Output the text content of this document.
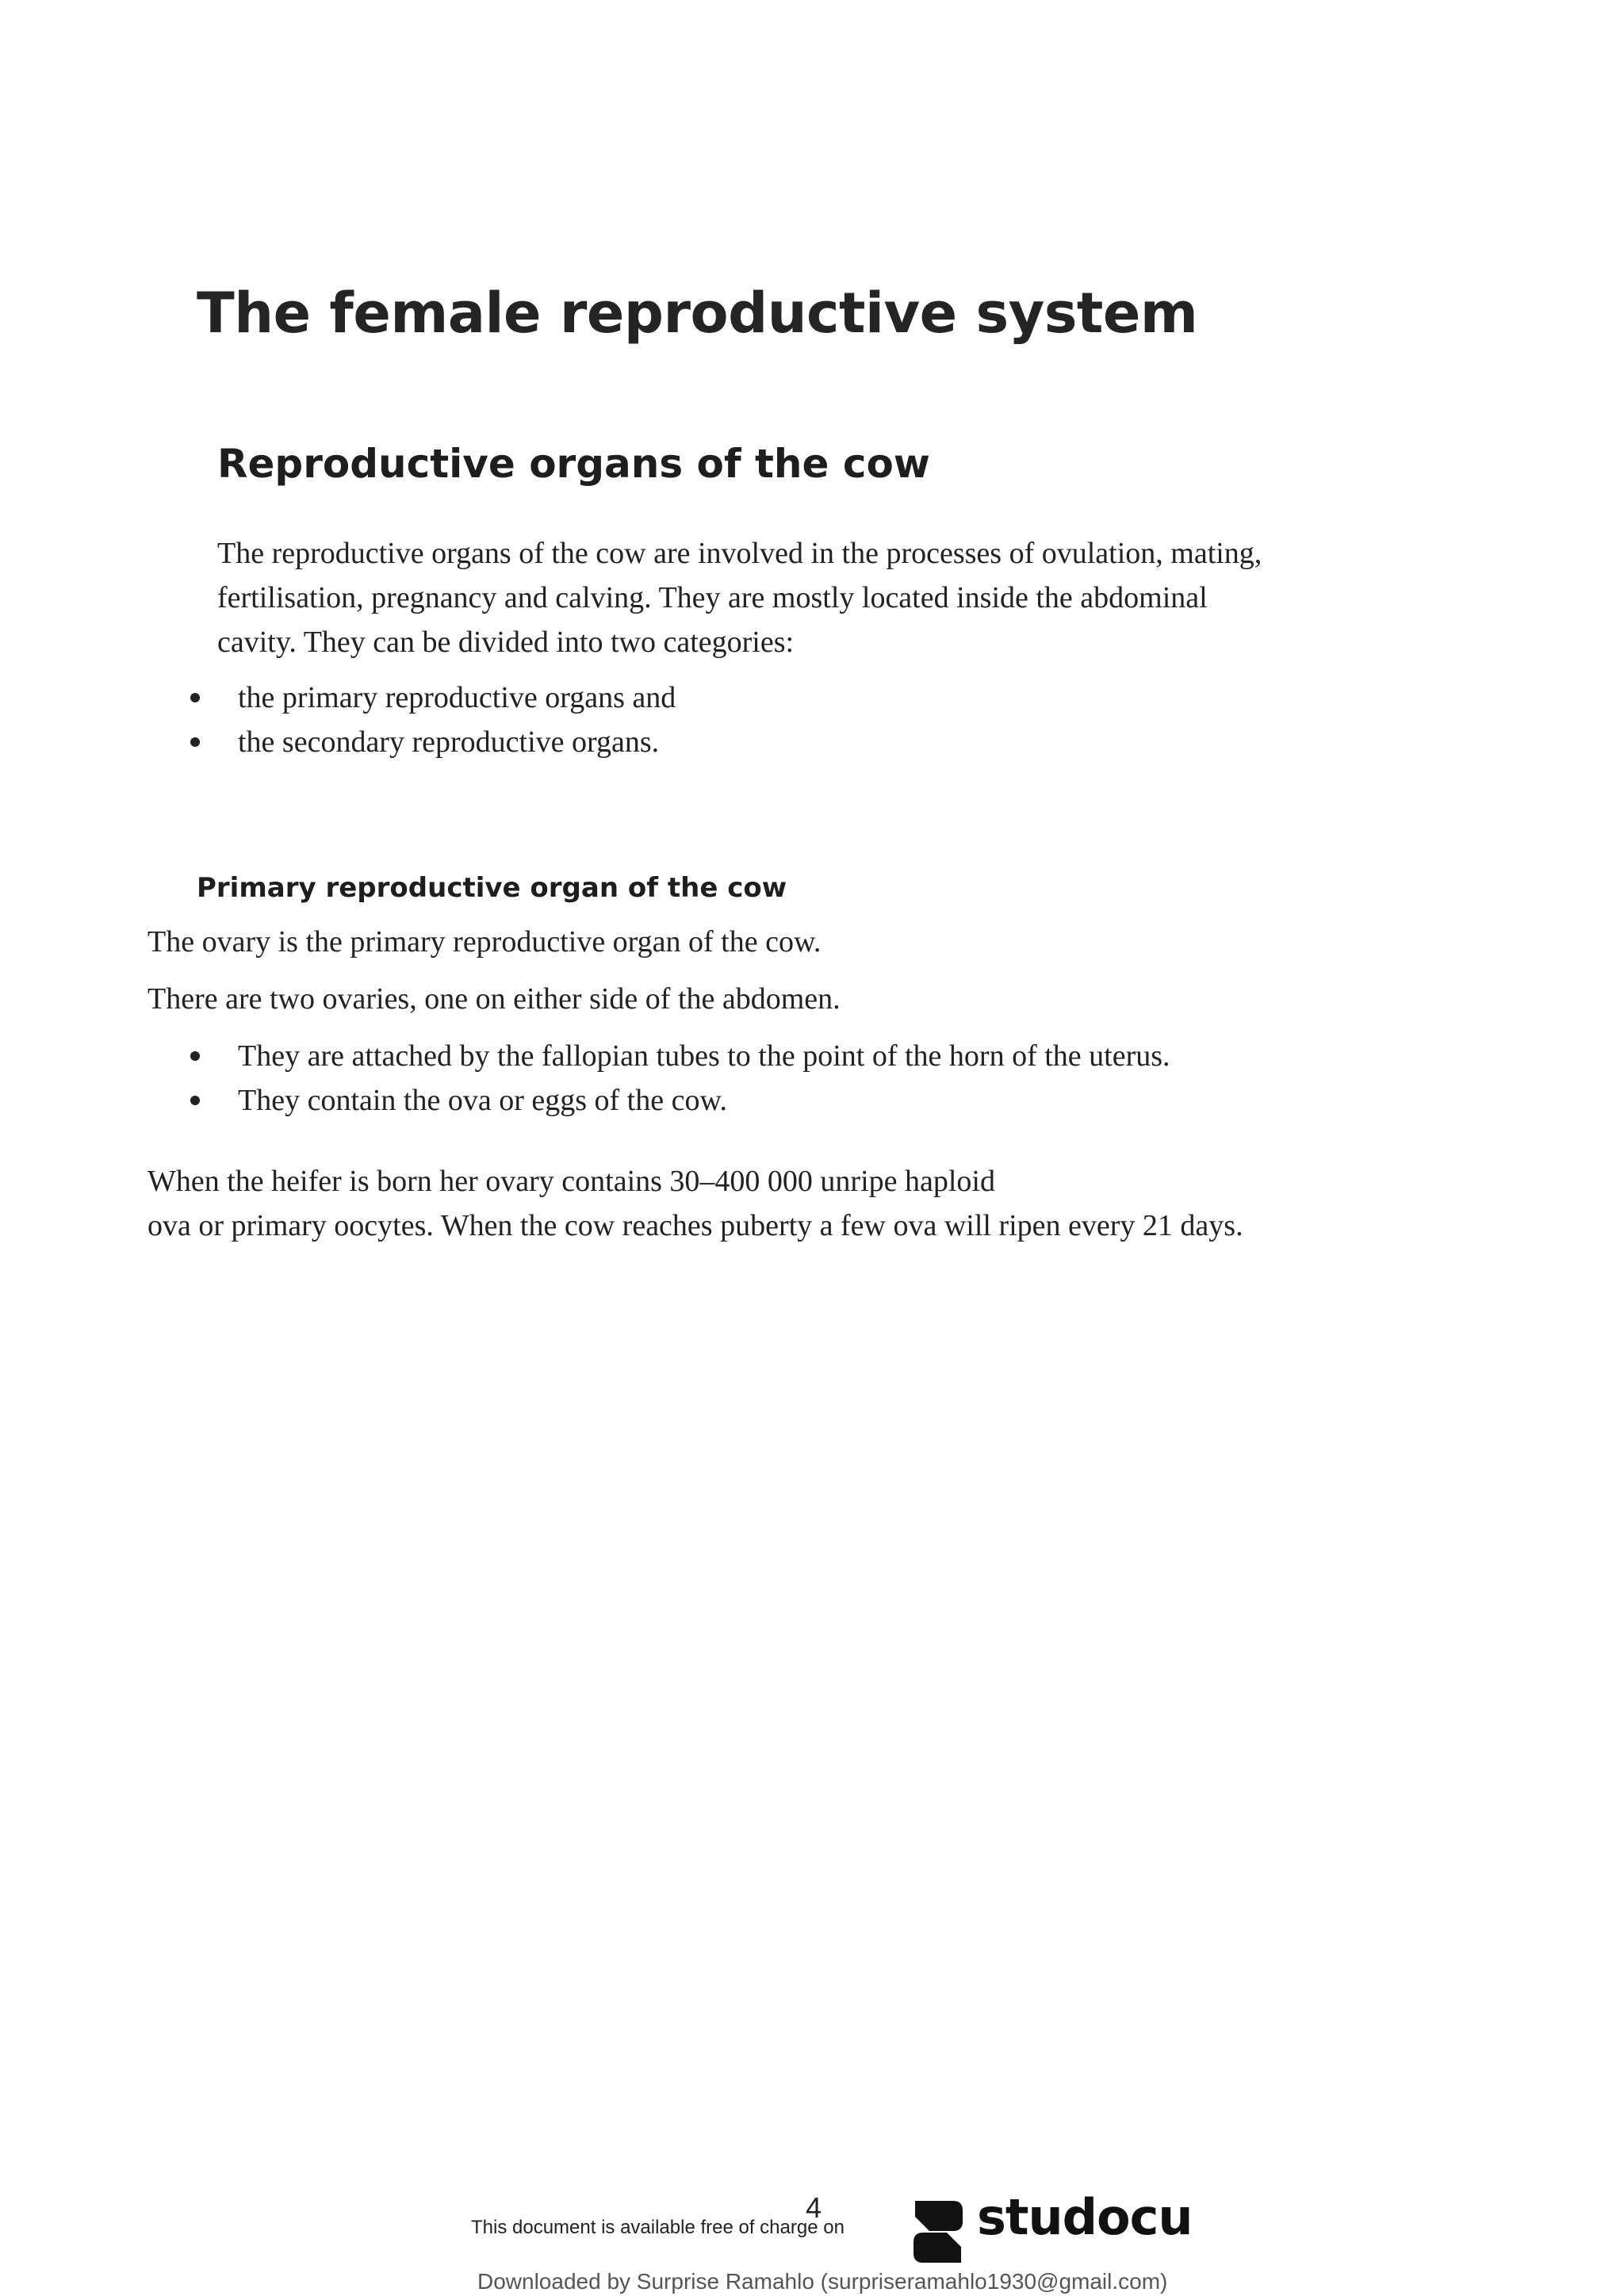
The female reproductive system
Reproductive organs of the cow

The reproductive organs of the cow are involved in the processes of ovulation, mating,

fertilisation, pregnancy and calving. They are mostly located inside the abdominal

cavity. They can be divided into two categories:

the primary reproductive organs and

the secondary reproductive organs.

Primary reproductive organ of the cow

The ovary is the primary reproductive organ of the cow.

There are two ovaries, one on either side of the abdomen.

They are attached by the fallopian tubes to the point of the horn of the uterus.

They contain the ova or eggs of the cow.

When the heifer is born her ovary contains 30–400 000 unripe haploid

ova or primary oocytes. When the cow reaches puberty a few ova will ripen every 21 days.

4
This document is available free of charge on	studocu
Downloaded by Surprise Ramahlo (surpriseramahlo1930@gmail.com)
